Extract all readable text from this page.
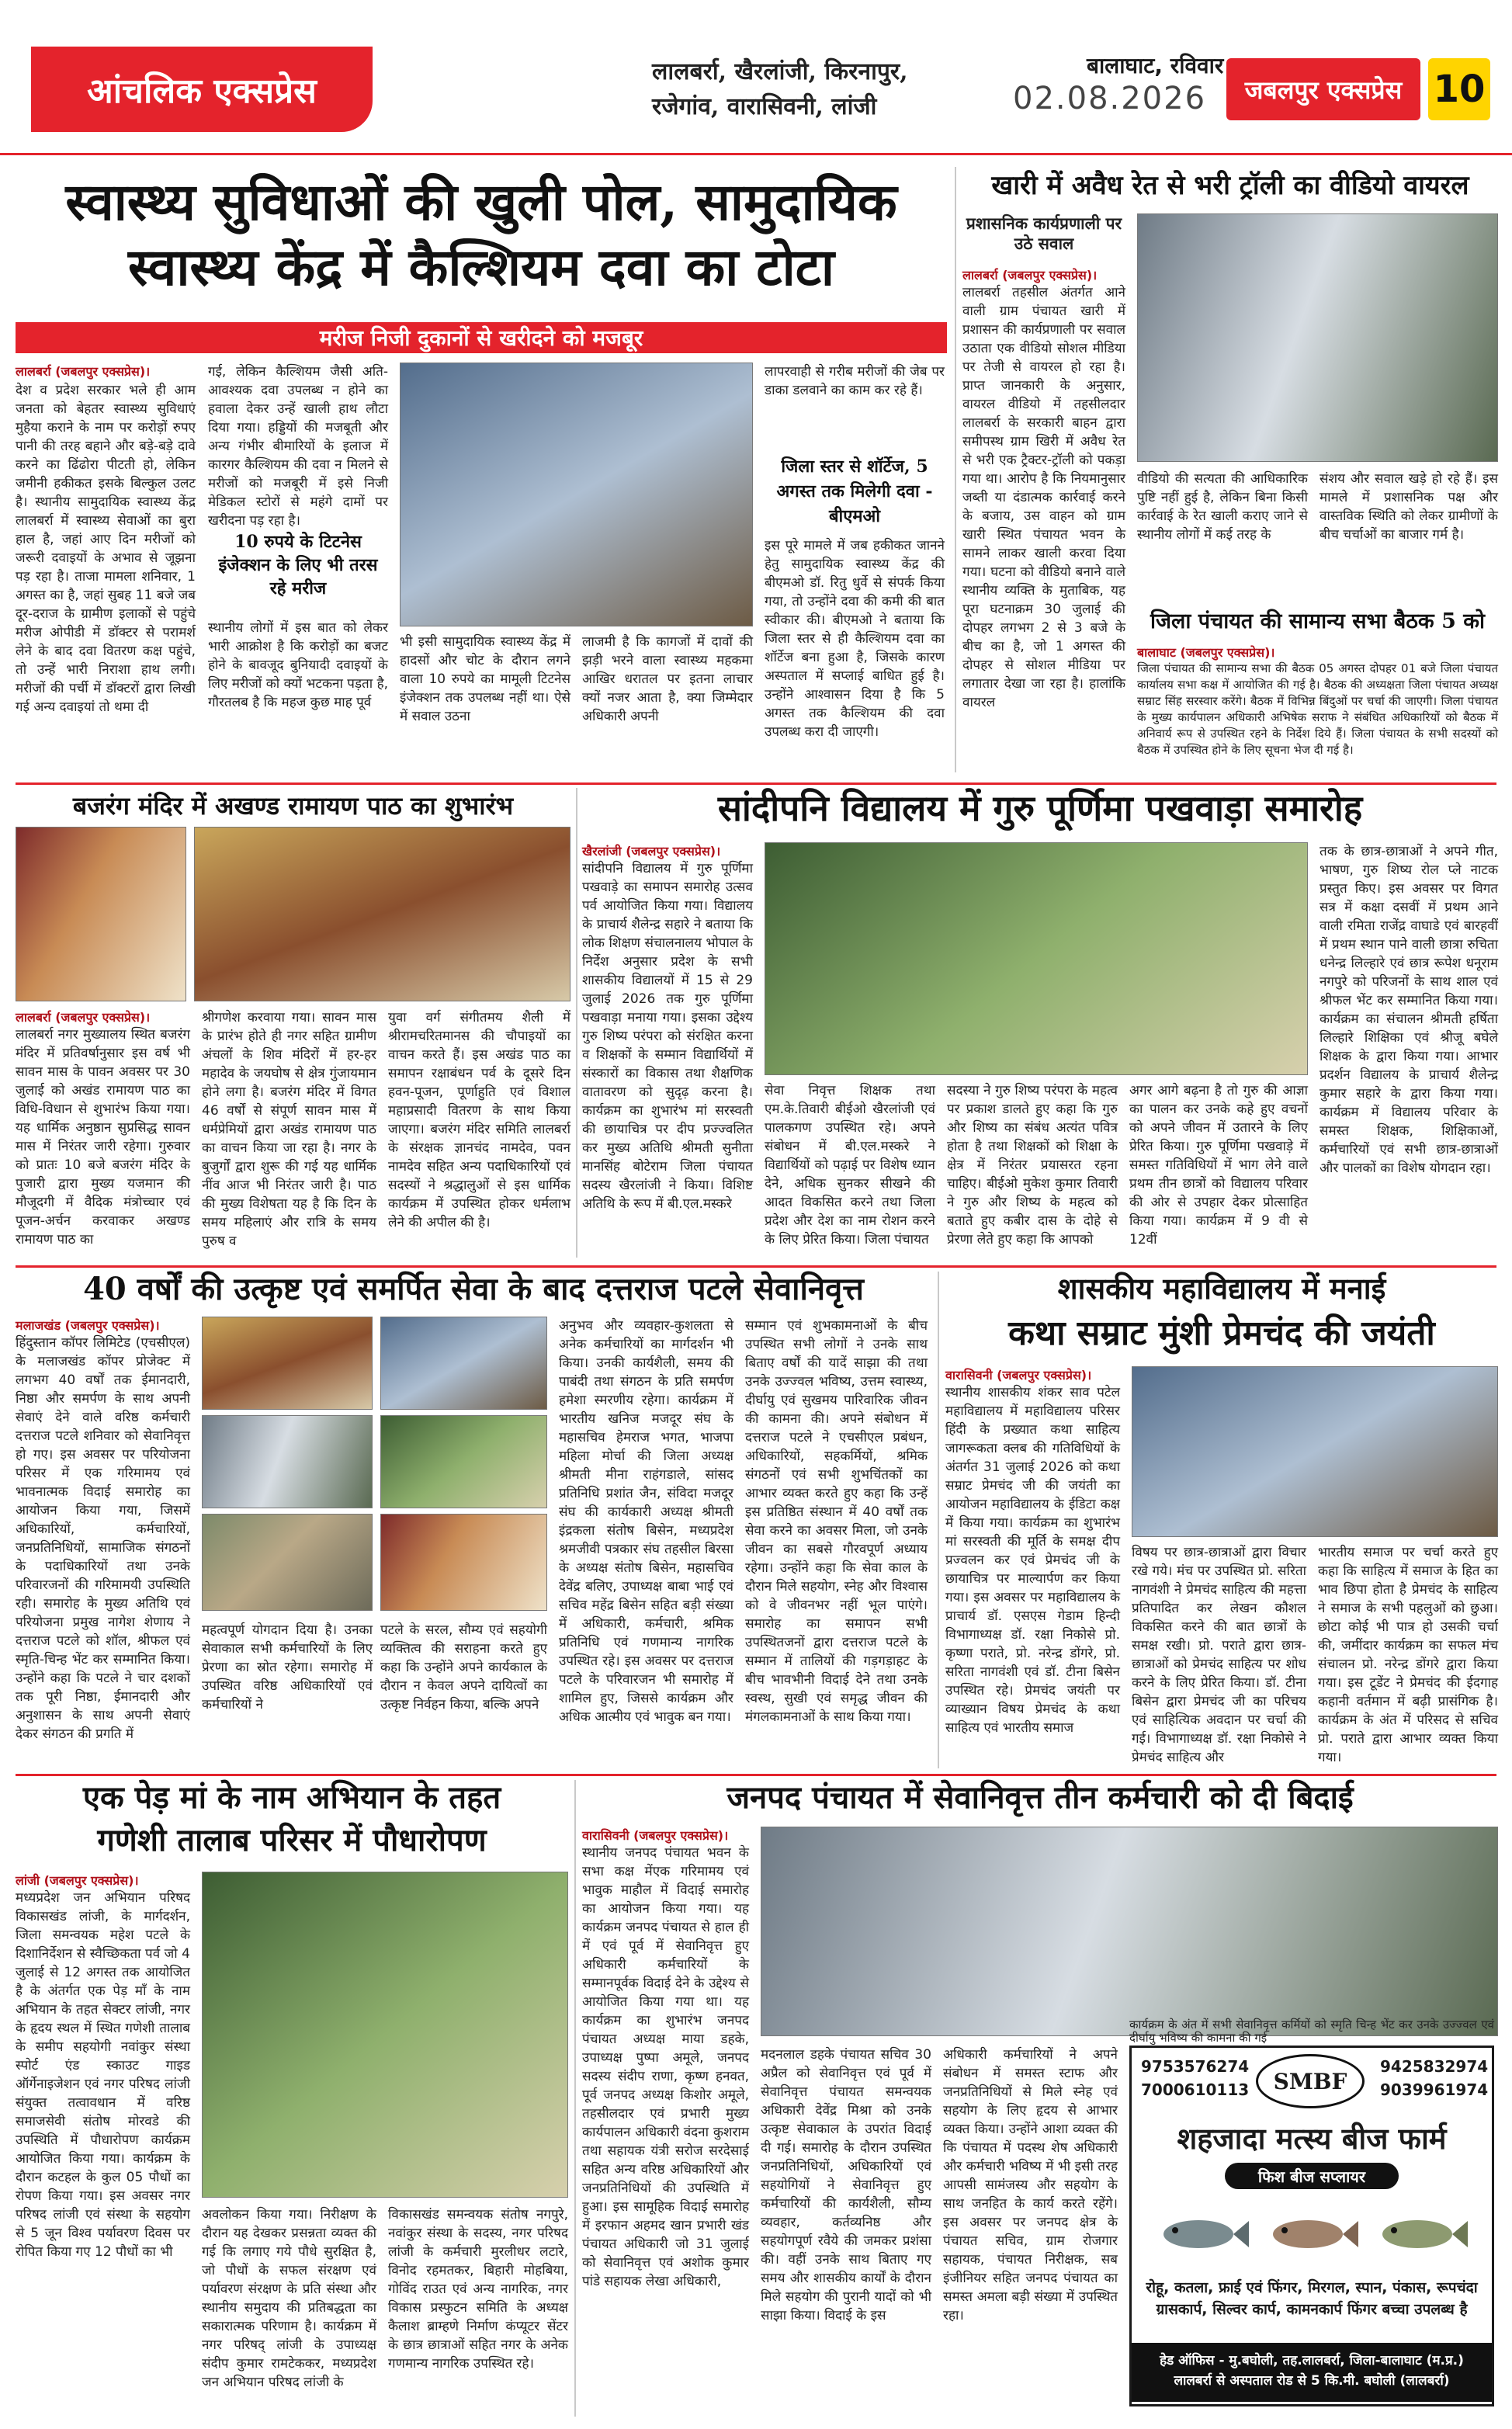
आंचलिक एक्सप्रेस	लालबर्रा, खैरलांजी, किरनापुर,
रजेगांव, वारासिवनी, लांजी
बालाघाट, रविवार
02.08.2026	जबलपुर एक्सप्रेस 10
स्वास्थ्य सुविधाओं की खुली पोल, सामुदायिक
स्वास्थ्य केंद्र में कैल्शियम दवा का टोटा
मरीज निजी दुकानों से खरीदने को मजबूर
लालबर्रा (जबलपुर एक्सप्रेस)।
देश व प्रदेश सरकार भले ही आम जनता को बेहतर स्वास्थ्य सुविधाएं मुहैया कराने के नाम पर करोड़ों रुपए पानी की तरह बहाने और बड़े-बड़े दावे करने का ढिंढोरा पीटती हो, लेकिन जमीनी हकीकत इसके बिल्कुल उलट है। स्थानीय सामुदायिक स्वास्थ्य केंद्र लालबर्रा में स्वास्थ्य सेवाओं का बुरा हाल है, जहां आए दिन मरीजों को जरूरी दवाइयों के अभाव से जूझना पड़ रहा है। ताजा मामला शनिवार, 1 अगस्त का है, जहां सुबह 11 बजे जब दूर-दराज के ग्रामीण इलाकों से पहुंचे मरीज ओपीडी में डॉक्टर से परामर्श लेने के बाद दवा वितरण कक्ष पहुंचे, तो उन्हें भारी निराशा हाथ लगी। मरीजों की पर्ची में डॉक्टरों द्वारा लिखी गई अन्य दवाइयां तो थमा दी
गई, लेकिन कैल्शियम जैसी अति-आवश्यक दवा उपलब्ध न होने का हवाला देकर उन्हें खाली हाथ लौटा दिया गया। हड्डियों की मजबूती और अन्य गंभीर बीमारियों के इलाज में कारगर कैल्शियम की दवा न मिलने से मरीजों को मजबूरी में इसे निजी मेडिकल स्टोरों से महंगे दामों पर खरीदना पड़ रहा है।
10 रुपये के टिटनेस इंजेक्शन के लिए भी तरस रहे मरीज
स्थानीय लोगों में इस बात को लेकर भारी आक्रोश है कि करोड़ों का बजट होने के बावजूद बुनियादी दवाइयों के लिए मरीजों को क्यों भटकना पड़ता है, गौरतलब है कि महज कुछ माह पूर्व
भी इसी सामुदायिक स्वास्थ्य केंद्र में हादसों और चोट के दौरान लगने वाला 10 रुपये का मामूली टिटनेस इंजेक्शन तक उपलब्ध नहीं था। ऐसे में सवाल उठना
लाजमी है कि कागजों में दावों की झड़ी भरने वाला स्वास्थ्य महकमा आखिर धरातल पर इतना लाचार क्यों नजर आता है, क्या जिम्मेदार अधिकारी अपनी
लापरवाही से गरीब मरीजों की जेब पर डाका डलवाने का काम कर रहे हैं।
जिला स्तर से शॉर्टेज, 5 अगस्त तक मिलेगी दवा - बीएमओ
इस पूरे मामले में जब हकीकत जानने हेतु सामुदायिक स्वास्थ्य केंद्र की बीएमओ डॉ. रितु धुर्वे से संपर्क किया गया, तो उन्होंने दवा की कमी की बात स्वीकार की। बीएमओ ने बताया कि जिला स्तर से ही कैल्शियम दवा का शॉर्टेज बना हुआ है, जिसके कारण अस्पताल में सप्लाई बाधित हुई है। उन्होंने आश्वासन दिया है कि 5 अगस्त तक कैल्शियम की दवा उपलब्ध करा दी जाएगी।
खारी में अवैध रेत से भरी ट्रॉली का वीडियो वायरल
प्रशासनिक कार्यप्रणाली पर उठे सवाल
लालबर्रा (जबलपुर एक्सप्रेस)।
लालबर्रा तहसील अंतर्गत आने वाली ग्राम पंचायत खारी में प्रशासन की कार्यप्रणाली पर सवाल उठाता एक वीडियो सोशल मीडिया पर तेजी से वायरल हो रहा है। प्राप्त जानकारी के अनुसार, वायरल वीडियो में तहसीलदार लालबर्रा के सरकारी बाहन द्वारा समीपस्थ ग्राम खिरी में अवैध रेत से भरी एक ट्रैक्टर-ट्रॉली को पकड़ा गया था। आरोप है कि नियमानुसार जब्ती या दंडात्मक कार्रवाई करने के बजाय, उस वाहन को ग्राम खारी स्थित पंचायत भवन के सामने लाकर खाली करवा दिया गया। घटना को वीडियो बनाने वाले स्थानीय व्यक्ति के मुताबिक, यह पूरा घटनाक्रम 30 जुलाई की दोपहर लगभग 2 से 3 बजे के बीच का है, जो 1 अगस्त की दोपहर से सोशल मीडिया पर लगातार देखा जा रहा है। हालांकि वायरल
वीडियो की सत्यता की आधिकारिक पुष्टि नहीं हुई है, लेकिन बिना किसी कार्रवाई के रेत खाली कराए जाने से स्थानीय लोगों में कई तरह के
संशय और सवाल खड़े हो रहे हैं। इस मामले में प्रशासनिक पक्ष और वास्तविक स्थिति को लेकर ग्रामीणों के बीच चर्चाओं का बाजार गर्म है।
जिला पंचायत की सामान्य सभा बैठक 5 को
बालाघाट (जबलपुर एक्सप्रेस)।
जिला पंचायत की सामान्य सभा की बैठक 05 अगस्त दोपहर 01 बजे जिला पंचायत कार्यालय सभा कक्ष में आयोजित की गई है। बैठक की अध्यक्षता जिला पंचायत अध्यक्ष सम्राट सिंह सरस्वार करेंगे। बैठक में विभिन्न बिंदुओं पर चर्चा की जाएगी। जिला पंचायत के मुख्य कार्यपालन अधिकारी अभिषेक सराफ ने संबंधित अधिकारियों को बैठक में अनिवार्य रूप से उपस्थित रहने के निर्देश दिये हैं। जिला पंचायत के सभी सदस्यों को बैठक में उपस्थित होने के लिए सूचना भेज दी गई है।
बजरंग मंदिर में अखण्ड रामायण पाठ का शुभारंभ
लालबर्रा (जबलपुर एक्सप्रेस)।
लालबर्रा नगर मुख्यालय स्थित बजरंग मंदिर में प्रतिवर्षानुसार इस वर्ष भी सावन मास के पावन अवसर पर 30 जुलाई को अखंड रामायण पाठ का विधि-विधान से शुभारंभ किया गया। यह धार्मिक अनुष्ठान सुप्रसिद्ध सावन मास में निरंतर जारी रहेगा। गुरुवार को प्रातः 10 बजे बजरंग मंदिर के पुजारी द्वारा मुख्य यजमान की मौजूदगी में वैदिक मंत्रोच्चार एवं पूजन-अर्चन करवाकर अखण्ड रामायण पाठ का
श्रीगणेश करवाया गया। सावन मास के प्रारंभ होते ही नगर सहित ग्रामीण अंचलों के शिव मंदिरों में हर-हर महादेव के जयघोष से क्षेत्र गुंजायमान होने लगा है। बजरंग मंदिर में विगत 46 वर्षों से संपूर्ण सावन मास में धर्मप्रेमियों द्वारा अखंड रामायण पाठ का वाचन किया जा रहा है। नगर के बुजुर्गों द्वारा शुरू की गई यह धार्मिक नींव आज भी निरंतर जारी है। पाठ की मुख्य विशेषता यह है कि दिन के समय महिलाएं और रात्रि के समय पुरुष व
युवा वर्ग संगीतमय शैली में श्रीरामचरितमानस की चौपाइयों का वाचन करते हैं। इस अखंड पाठ का समापन रक्षाबंधन पर्व के दूसरे दिन हवन-पूजन, पूर्णाहुति एवं विशाल महाप्रसादी वितरण के साथ किया जाएगा। बजरंग मंदिर समिति लालबर्रा के संरक्षक ज्ञानचंद नामदेव, पवन नामदेव सहित अन्य पदाधिकारियों एवं सदस्यों ने श्रद्धालुओं से इस धार्मिक कार्यक्रम में उपस्थित होकर धर्मलाभ लेने की अपील की है।
सांदीपनि विद्यालय में गुरु पूर्णिमा पखवाड़ा समारोह
खैरलांजी (जबलपुर एक्सप्रेस)।
सांदीपनि विद्यालय में गुरु पूर्णिमा पखवाड़े का समापन समारोह उत्सव पर्व आयोजित किया गया। विद्यालय के प्राचार्य शैलेन्द्र सहारे ने बताया कि लोक शिक्षण संचालनालय भोपाल के निर्देश अनुसार प्रदेश के सभी शासकीय विद्यालयों में 15 से 29 जुलाई 2026 तक गुरु पूर्णिमा पखवाड़ा मनाया गया। इसका उद्देश्य गुरु शिष्य परंपरा को संरक्षित करना व शिक्षकों के सम्मान विद्यार्थियों में संस्कारों का विकास तथा शैक्षणिक वातावरण को सुदृढ़ करना है। कार्यक्रम का शुभारंभ मां सरस्वती की छायाचित्र पर दीप प्रज्ज्वलित कर मुख्य अतिथि श्रीमती सुनीता मानसिंह बोटेराम जिला पंचायत सदस्य खैरलांजी ने किया। विशिष्ट अतिथि के रूप में बी.एल.मस्करे
सेवा निवृत्त शिक्षक तथा एम.के.तिवारी बीईओ खैरलांजी एवं पालकगण उपस्थित रहे। अपने संबोधन में बी.एल.मस्करे ने विद्यार्थियों को पढ़ाई पर विशेष ध्यान देने, अधिक सुनकर सीखने की आदत विकसित करने तथा जिला प्रदेश और देश का नाम रोशन करने के लिए प्रेरित किया। जिला पंचायत
सदस्या ने गुरु शिष्य परंपरा के महत्व पर प्रकाश डालते हुए कहा कि गुरु और शिष्य का संबंध अत्यंत पवित्र होता है तथा शिक्षकों को शिक्षा के क्षेत्र में निरंतर प्रयासरत रहना चाहिए। बीईओ मुकेश कुमार तिवारी ने गुरु और शिष्य के महत्व को बताते हुए कबीर दास के दोहे से प्रेरणा लेते हुए कहा कि आपको
अगर आगे बढ़ना है तो गुरु की आज्ञा का पालन कर उनके कहे हुए वचनों को अपने जीवन में उतारने के लिए प्रेरित किया। गुरु पूर्णिमा पखवाड़े में समस्त गतिविधियों में भाग लेने वाले प्रथम तीन छात्रों को विद्यालय परिवार की ओर से उपहार देकर प्रोत्साहित किया गया। कार्यक्रम में 9 वी से 12वीं
तक के छात्र-छात्राओं ने अपने गीत, भाषण, गुरु शिष्य रोल प्ले नाटक प्रस्तुत किए। इस अवसर पर विगत सत्र में कक्षा दसवीं में प्रथम आने वाली रमिता राजेंद्र वाघाडे एवं बारहवीं में प्रथम स्थान पाने वाली छात्रा रुचिता धनेन्द्र लिल्हारे एवं छात्र रूपेश धनूराम नगपुरे को परिजनों के साथ शाल एवं श्रीफल भेंट कर सम्मानित किया गया। कार्यक्रम का संचालन श्रीमती हर्षिता लिल्हारे शिक्षिका एवं श्रीजू बघेले शिक्षक के द्वारा किया गया। आभार प्रदर्शन विद्यालय के प्राचार्य शैलेन्द्र कुमार सहारे के द्वारा किया गया। कार्यक्रम में विद्यालय परिवार के समस्त शिक्षक, शिक्षिकाओं, कर्मचारियों एवं सभी छात्र-छात्राओं और पालकों का विशेष योगदान रहा।
40 वर्षों की उत्कृष्ट एवं समर्पित सेवा के बाद दत्तराज पटले सेवानिवृत्त
मलाजखंड (जबलपुर एक्सप्रेस)।
हिंदुस्तान कॉपर लिमिटेड (एचसीएल) के मलाजखंड कॉपर प्रोजेक्ट में लगभग 40 वर्षों तक ईमानदारी, निष्ठा और समर्पण के साथ अपनी सेवाएं देने वाले वरिष्ठ कर्मचारी दत्तराज पटले शनिवार को सेवानिवृत्त हो गए। इस अवसर पर परियोजना परिसर में एक गरिमामय एवं भावनात्मक विदाई समारोह का आयोजन किया गया, जिसमें अधिकारियों, कर्मचारियों, जनप्रतिनिधियों, सामाजिक संगठनों के पदाधिकारियों तथा उनके परिवारजनों की गरिमामयी उपस्थिति रही। समारोह के मुख्य अतिथि एवं परियोजना प्रमुख नागेश शेणाय ने दत्तराज पटले को शॉल, श्रीफल एवं स्मृति-चिन्ह भेंट कर सम्मानित किया। उन्होंने कहा कि पटले ने चार दशकों तक पूरी निष्ठा, ईमानदारी और अनुशासन के साथ अपनी सेवाएं देकर संगठन की प्रगति में
महत्वपूर्ण योगदान दिया है। उनका सेवाकाल सभी कर्मचारियों के लिए प्रेरणा का स्रोत रहेगा। समारोह में उपस्थित वरिष्ठ अधिकारियों एवं कर्मचारियों ने
पटले के सरल, सौम्य एवं सहयोगी व्यक्तित्व की सराहना करते हुए कहा कि उन्होंने अपने कार्यकाल के दौरान न केवल अपने दायित्वों का उत्कृष्ट निर्वहन किया, बल्कि अपने
अनुभव और व्यवहार-कुशलता से अनेक कर्मचारियों का मार्गदर्शन भी किया। उनकी कार्यशैली, समय की पाबंदी तथा संगठन के प्रति समर्पण हमेशा स्मरणीय रहेगा। कार्यक्रम में भारतीय खनिज मजदूर संघ के महासचिव हेमराज भगत, भाजपा महिला मोर्चा की जिला अध्यक्ष श्रीमती मीना राहंगडाले, सांसद प्रतिनिधि प्रशांत जैन, संविदा मजदूर संघ की कार्यकारी अध्यक्ष श्रीमती इंद्रकला संतोष बिसेन, मध्यप्रदेश श्रमजीवी पत्रकार संघ तहसील बिरसा के अध्यक्ष संतोष बिसेन, महासचिव देवेंद्र बलिए, उपाध्यक्ष बाबा भाई एवं सचिव महेंद्र बिसेन सहित बड़ी संख्या में अधिकारी, कर्मचारी, श्रमिक प्रतिनिधि एवं गणमान्य नागरिक उपस्थित रहे। इस अवसर पर दत्तराज पटले के परिवारजन भी समारोह में शामिल हुए, जिससे कार्यक्रम और अधिक आत्मीय एवं भावुक बन गया।
सम्मान एवं शुभकामनाओं के बीच उपस्थित सभी लोगों ने उनके साथ बिताए वर्षों की यादें साझा की तथा उनके उज्ज्वल भविष्य, उत्तम स्वास्थ्य, दीर्घायु एवं सुखमय पारिवारिक जीवन की कामना की। अपने संबोधन में दत्तराज पटले ने एचसीएल प्रबंधन, अधिकारियों, सहकर्मियों, श्रमिक संगठनों एवं सभी शुभचिंतकों का आभार व्यक्त करते हुए कहा कि उन्हें इस प्रतिष्ठित संस्थान में 40 वर्षों तक सेवा करने का अवसर मिला, जो उनके जीवन का सबसे गौरवपूर्ण अध्याय रहेगा। उन्होंने कहा कि सेवा काल के दौरान मिले सहयोग, स्नेह और विश्वास को वे जीवनभर नहीं भूल पाएंगे। समारोह का समापन सभी उपस्थितजनों द्वारा दत्तराज पटले के सम्मान में तालियों की गड़गड़ाहट के बीच भावभीनी विदाई देने तथा उनके स्वस्थ, सुखी एवं समृद्ध जीवन की मंगलकामनाओं के साथ किया गया।
शासकीय महाविद्यालय में मनाई
कथा सम्राट मुंशी प्रेमचंद की जयंती
वारासिवनी (जबलपुर एक्सप्रेस)।
स्थानीय शासकीय शंकर साव पटेल महाविद्यालय में महाविद्यालय परिसर हिंदी के प्रख्यात कथा साहित्य जागरूकता क्लब की गतिविधियों के अंतर्गत 31 जुलाई 2026 को कथा सम्राट प्रेमचंद जी की जयंती का आयोजन महाविद्यालय के ईडिटा कक्ष में किया गया। कार्यक्रम का शुभारंभ मां सरस्वती की मूर्ति के समक्ष दीप प्रज्वलन कर एवं प्रेमचंद जी के छायाचित्र पर माल्यार्पण कर किया गया। इस अवसर पर महाविद्यालय के प्राचार्य डॉ. एसएस गेडाम हिन्दी विभागाध्यक्ष डॉ. रक्षा निकोसे प्रो. कृष्णा पराते, प्रो. नरेन्द्र डोंगरे, प्रो. सरिता नागवंशी एवं डॉ. टीना बिसेन उपस्थित रहे। प्रेमचंद जयंती पर व्याख्यान विषय प्रेमचंद के कथा साहित्य एवं भारतीय समाज
विषय पर छात्र-छात्राओं द्वारा विचार रखे गये। मंच पर उपस्थित प्रो. सरिता नागवंशी ने प्रेमचंद साहित्य की महत्ता प्रतिपादित कर लेखन कौशल विकसित करने की बात छात्रों के समक्ष रखी। प्रो. पराते द्वारा छात्र-छात्राओं को प्रेमचंद साहित्य पर शोध करने के लिए प्रेरित किया। डॉ. टीना बिसेन द्वारा प्रेमचंद जी का परिचय एवं साहित्यिक अवदान पर चर्चा की गई। विभागाध्यक्ष डॉ. रक्षा निकोसे ने प्रेमचंद साहित्य और
भारतीय समाज पर चर्चा करते हुए कहा कि साहित्य में समाज के हित का भाव छिपा होता है प्रेमचंद के साहित्य ने समाज के सभी पहलुओं को छुआ। छोटा कोई भी पात्र हो उसकी चर्चा की, जमींदार कार्यक्रम का सफल मंच संचालन प्रो. नरेन्द्र डोंगरे द्वारा किया गया। इस टूडेंट ने प्रेमचंद की ईदगाह कहानी वर्तमान में बढ़ी प्रासंगिक है। कार्यक्रम के अंत में परिसद से सचिव प्रो. पराते द्वारा आभार व्यक्त किया गया।
एक पेड़ मां के नाम अभियान के तहत
गणेशी तालाब परिसर में पौधारोपण
लांजी (जबलपुर एक्सप्रेस)।
मध्यप्रदेश जन अभियान परिषद विकासखंड लांजी, के मार्गदर्शन, जिला समन्वयक महेश पटले के दिशानिर्देशन से स्वैच्छिकता पर्व जो 4 जुलाई से 12 अगस्त तक आयोजित है के अंतर्गत एक पेड़ माँ के नाम अभियान के तहत सेक्टर लांजी, नगर के हृदय स्थल में स्थित गणेशी तालाब के समीप सहयोगी नवांकुर संस्था स्पोर्ट एंड स्काउट गाइड ऑर्गेनाइजेशन एवं नगर परिषद लांजी संयुक्त तत्वावधान में वरिष्ठ समाजसेवी संतोष मोरवडे की उपस्थिति में पौधारोपण कार्यक्रम आयोजित किया गया। कार्यक्रम के दौरान कटहल के कुल 05 पौधों का रोपण किया गया। इस अवसर नगर परिषद लांजी एवं संस्था के सहयोग से 5 जून विश्व पर्यावरण दिवस पर रोपित किया गए 12 पौधों का भी
अवलोकन किया गया। निरीक्षण के दौरान यह देखकर प्रसन्नता व्यक्त की गई कि लगाए गये पौधे सुरक्षित है, जो पौधों के सफल संरक्षण एवं पर्यावरण संरक्षण के प्रति संस्था और स्थानीय समुदाय की प्रतिबद्धता का सकारात्मक परिणाम है। कार्यक्रम में नगर परिषद् लांजी के उपाध्यक्ष संदीप कुमार रामटेककर, मध्यप्रदेश जन अभियान परिषद लांजी के
विकासखंड समन्वयक संतोष नगपुरे, नवांकुर संस्था के सदस्य, नगर परिषद लांजी के कर्मचारी मुरलीधर लटारे, विनोद रहमतकर, बिहारी मोहबिया, गोविंद राउत एवं अन्य नागरिक, नगर विकास प्रस्फुटन समिति के अध्यक्ष कैलाश ब्राम्हणे निर्माण कंप्यूटर सेंटर के छात्र छात्राओं सहित नगर के अनेक गणमान्य नागरिक उपस्थित रहे।
जनपद पंचायत में सेवानिवृत्त तीन कर्मचारी को दी बिदाई
वारासिवनी (जबलपुर एक्सप्रेस)।
स्थानीय जनपद पंचायत भवन के सभा कक्ष मेंएक गरिमामय एवं भावुक माहौल में विदाई समारोह का आयोजन किया गया। यह कार्यक्रम जनपद पंचायत से हाल ही में एवं पूर्व में सेवानिवृत्त हुए अधिकारी कर्मचारियों के सम्मानपूर्वक विदाई देने के उद्देश्य से आयोजित किया गया था। यह कार्यक्रम का शुभारंभ जनपद पंचायत अध्यक्ष माया डहके, उपाध्यक्ष पुष्पा अमूले, जनपद सदस्य संदीप राणा, कृष्ण हनवत, पूर्व जनपद अध्यक्ष किशोर अमूले, तहसीलदार एवं प्रभारी मुख्य कार्यपालन अधिकारी वंदना कुशराम तथा सहायक यंत्री सरोज सरदेसाई सहित अन्य वरिष्ठ अधिकारियों और जनप्रतिनिधियों की उपस्थिति में हुआ। इस सामूहिक विदाई समारोह में इरफान अहमद खान प्रभारी खंड पंचायत अधिकारी जो 31 जुलाई को सेवानिवृत्त एवं अशोक कुमार पांडे सहायक लेखा अधिकारी,
मदनलाल डहके पंचायत सचिव 30 अप्रैल को सेवानिवृत्त एवं पूर्व में सेवानिवृत्त पंचायत समन्वयक अधिकारी देवेंद्र मिश्रा को उनके उत्कृष्ट सेवाकाल के उपरांत विदाई दी गई। समारोह के दौरान उपस्थित जनप्रतिनिधियों, अधिकारियों एवं सहयोगियों ने सेवानिवृत्त हुए कर्मचारियों की कार्यशैली, सौम्य व्यवहार, कर्तव्यनिष्ठ और सहयोगपूर्ण रवैये की जमकर प्रशंसा की। वहीं उनके साथ बिताए गए समय और शासकीय कार्यों के दौरान मिले सहयोग की पुरानी यादों को भी साझा किया। विदाई के इस
अधिकारी कर्मचारियों ने अपने संबोधन में समस्त स्टाफ और जनप्रतिनिधियों से मिले स्नेह एवं सहयोग के लिए हृदय से आभार व्यक्त किया। उन्होंने आशा व्यक्त की कि पंचायत में पदस्थ शेष अधिकारी और कर्मचारी भविष्य में भी इसी तरह आपसी सामंजस्य और सहयोग के साथ जनहित के कार्य करते रहेंगे। इस अवसर पर जनपद क्षेत्र के पंचायत सचिव, ग्राम रोजगार सहायक, पंचायत निरीक्षक, सब इंजीनियर सहित जनपद पंचायत का समस्त अमला बड़ी संख्या में उपस्थित रहा।
कार्यक्रम के अंत में सभी सेवानिवृत्त कर्मियों को स्मृति चिन्ह भेंट कर उनके उज्ज्वल एवं दीर्घायु भविष्य की कामना की गई
9753576274
7000610113	SMBF
9425832974
9039961974
शहजादा मत्स्य बीज फार्म
फिश बीज सप्लायर
रोहू, कतला, फ्राई एवं फिंगर, मिरगल, स्पान, पंकास, रूपचंदा ग्रासकार्प, सिल्वर कार्प, कामनकार्प फिंगर बच्चा उपलब्ध है
हेड ऑफिस - मु.बघोली, तह.लालबर्रा, जिला-बालाघाट (म.प्र.)
लालबर्रा से अस्पताल रोड से 5 कि.मी. बघोली (लालबर्रा)
